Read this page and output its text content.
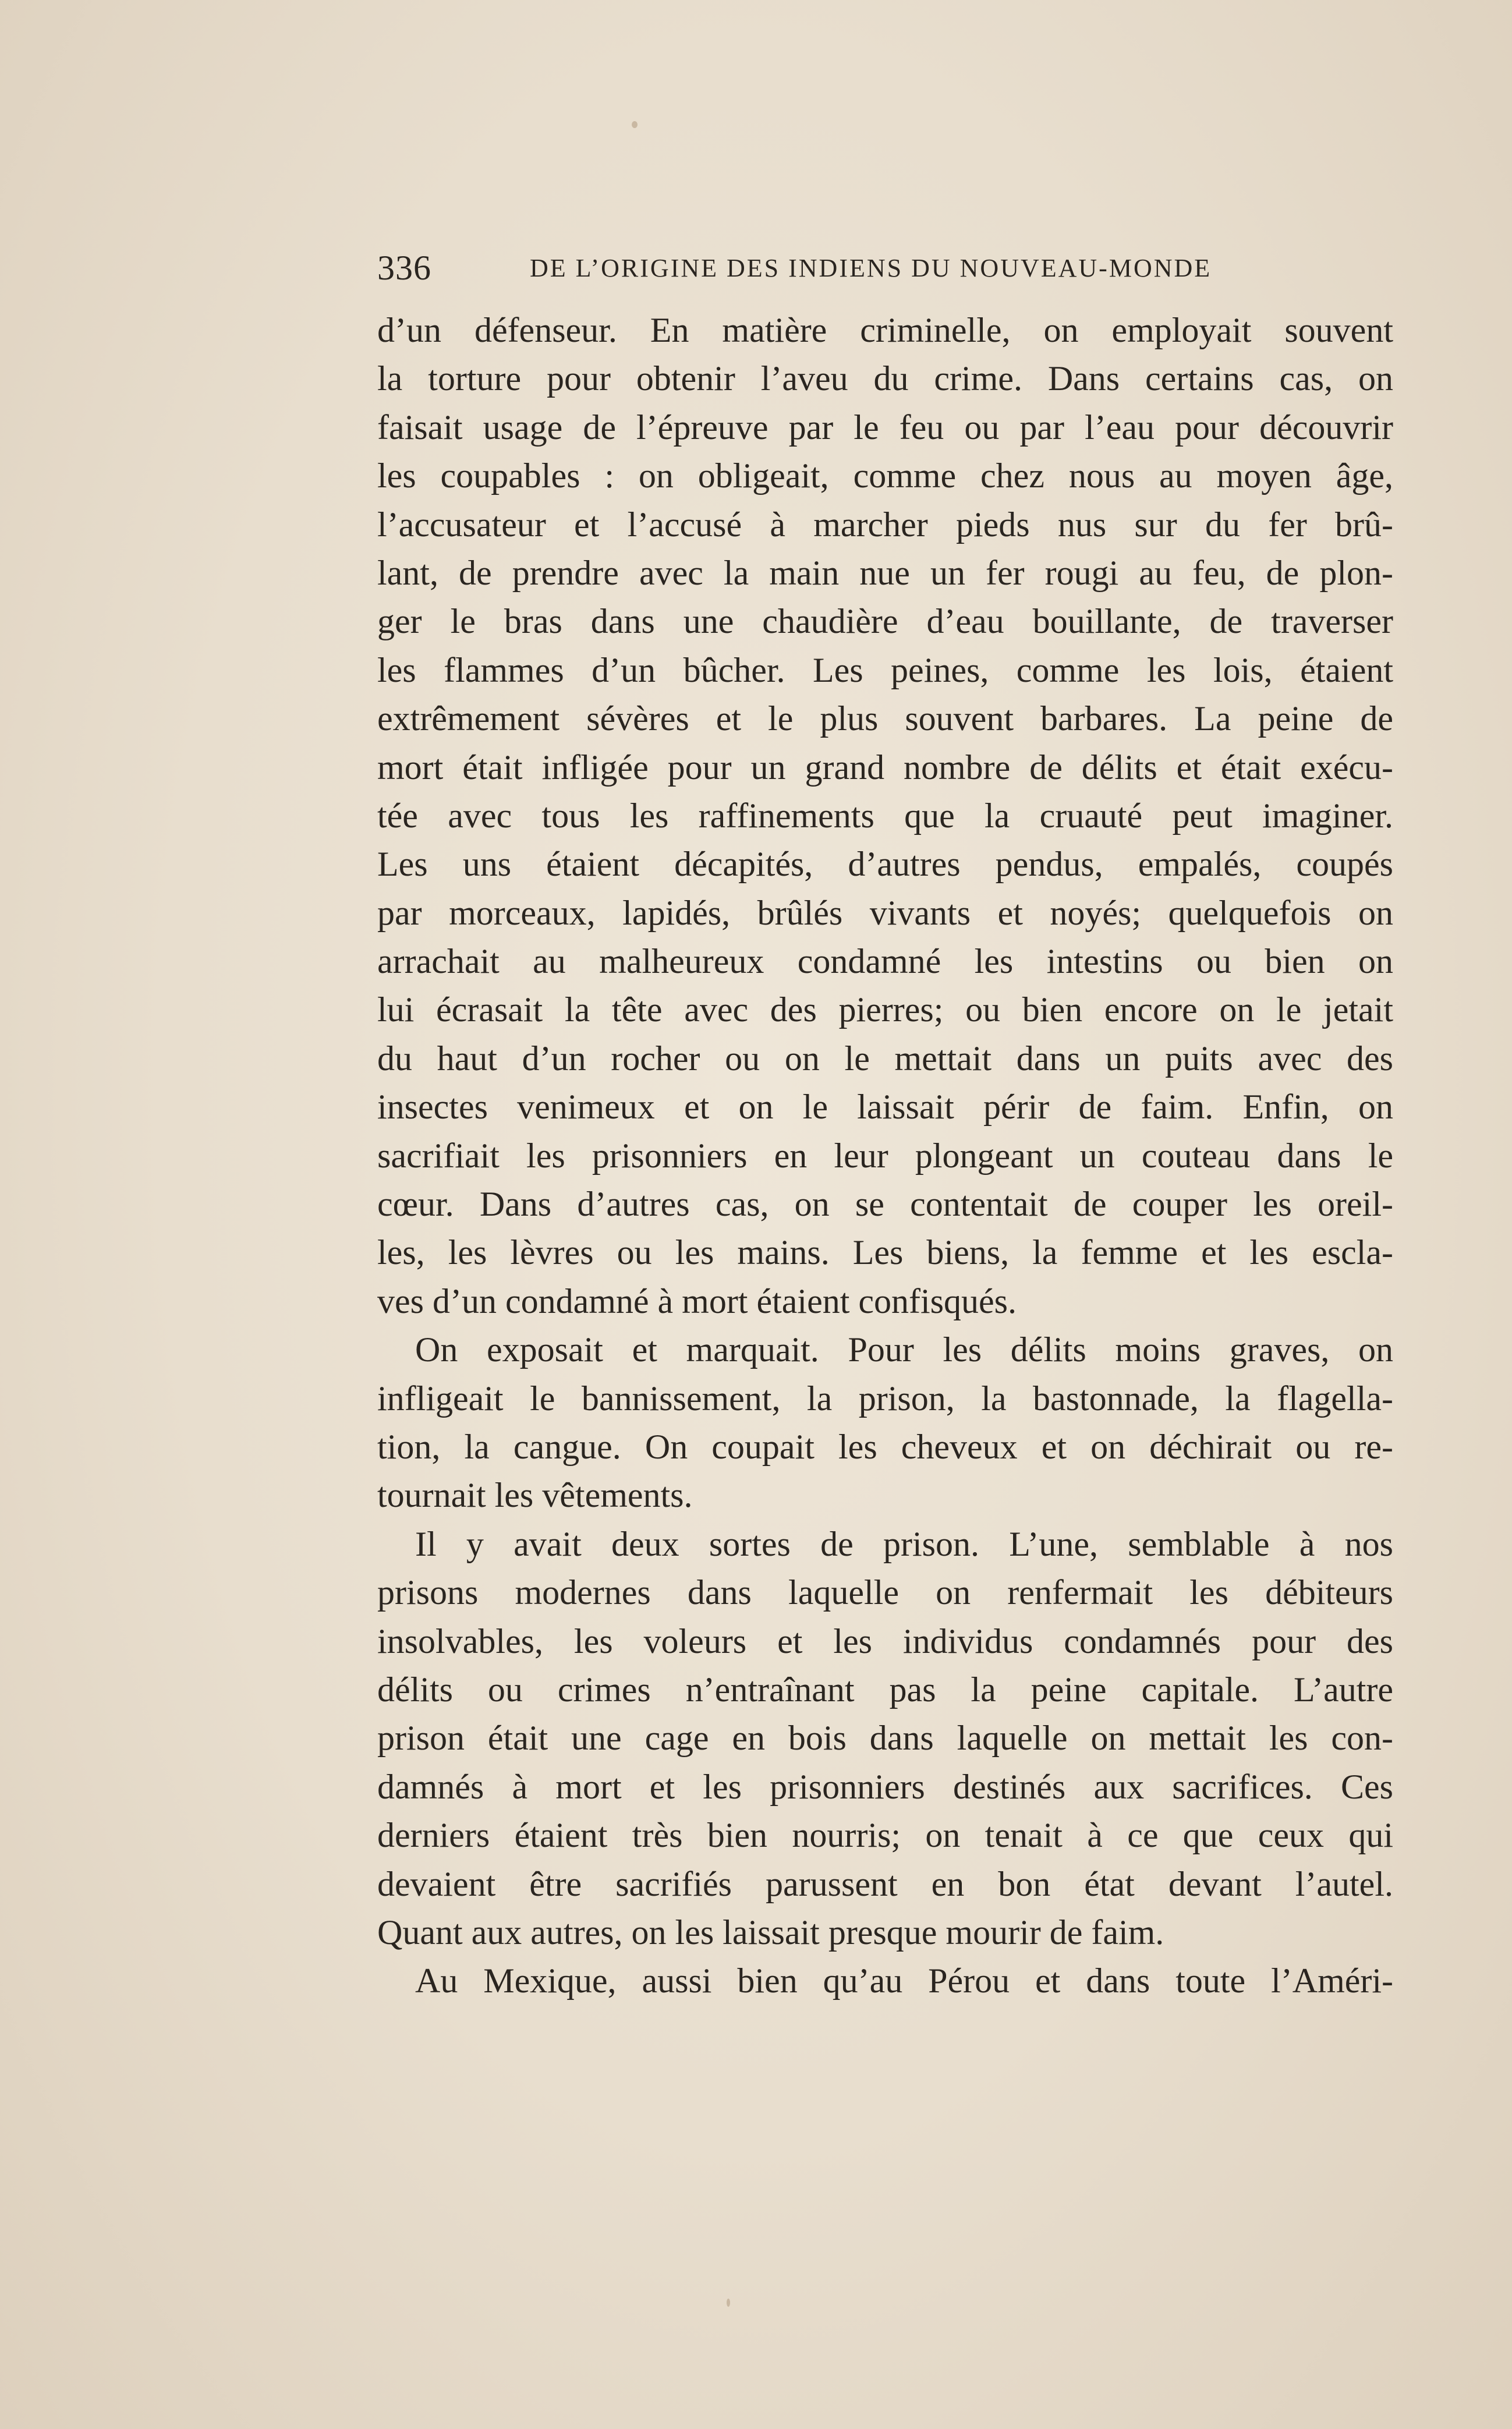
336	DE L’ORIGINE DES INDIENS DU NOUVEAU-MONDE
d’un défenseur. En matière criminelle, on employait souvent
la torture pour obtenir l’aveu du crime. Dans certains cas, on
faisait usage de l’épreuve par le feu ou par l’eau pour découvrir
les coupables : on obligeait, comme chez nous au moyen âge,
l’accusateur et l’accusé à marcher pieds nus sur du fer brû-
lant, de prendre avec la main nue un fer rougi au feu, de plon-
ger le bras dans une chaudière d’eau bouillante, de traverser
les flammes d’un bûcher. Les peines, comme les lois, étaient
extrêmement sévères et le plus souvent barbares. La peine de
mort était infligée pour un grand nombre de délits et était exécu-
tée avec tous les raffinements que la cruauté peut imaginer.
Les uns étaient décapités, d’autres pendus, empalés, coupés
par morceaux, lapidés, brûlés vivants et noyés; quelquefois on
arrachait au malheureux condamné les intestins ou bien on
lui écrasait la tête avec des pierres; ou bien encore on le jetait
du haut d’un rocher ou on le mettait dans un puits avec des
insectes venimeux et on le laissait périr de faim. Enfin, on
sacrifiait les prisonniers en leur plongeant un couteau dans le
cœur. Dans d’autres cas, on se contentait de couper les oreil-
les, les lèvres ou les mains. Les biens, la femme et les escla-
ves d’un condamné à mort étaient confisqués.
On exposait et marquait. Pour les délits moins graves, on
infligeait le bannissement, la prison, la bastonnade, la flagella-
tion, la cangue. On coupait les cheveux et on déchirait ou re-
tournait les vêtements.
Il y avait deux sortes de prison. L’une, semblable à nos
prisons modernes dans laquelle on renfermait les débiteurs
insolvables, les voleurs et les individus condamnés pour des
délits ou crimes n’entraînant pas la peine capitale. L’autre
prison était une cage en bois dans laquelle on mettait les con-
damnés à mort et les prisonniers destinés aux sacrifices. Ces
derniers étaient très bien nourris; on tenait à ce que ceux qui
devaient être sacrifiés parussent en bon état devant l’autel.
Quant aux autres, on les laissait presque mourir de faim.
Au Mexique, aussi bien qu’au Pérou et dans toute l’Améri-
